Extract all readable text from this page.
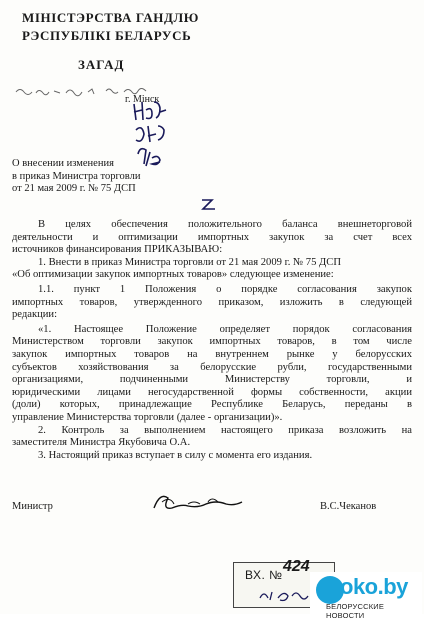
МІНІСТЭРСТВА ГАНДЛЮ
РЭСПУБЛІКІ БЕЛАРУСЬ
ЗАГАД
г. Мінск
О внесении изменения
в приказ Министра торговли
от 21 мая 2009 г. № 75 ДСП
В целях обеспечения положительного баланса внешнеторговой
деятельности и оптимизации импортных закупок за счет всех
источников финансирования ПРИКАЗЫВАЮ:
1. Внести в приказ Министра торговли от 21 мая 2009 г. № 75 ДСП
«Об оптимизации закупок импортных товаров» следующее изменение:
1.1. пункт 1 Положения о порядке согласования закупок
импортных товаров, утвержденного приказом, изложить в следующей
редакции:
«1. Настоящее Положение определяет порядок согласования
Министерством торговли закупок импортных товаров, в том числе
закупок импортных товаров на внутреннем рынке у белорусских
субъектов хозяйствования за белорусские рубли, государственными
организациями, подчиненными Министерству торговли, и
юридическими лицами негосударственной формы собственности, акции
(доли) которых, принадлежащие Республике Беларусь, переданы в
управление Министерства торговли (далее - организации)».
2. Контроль за выполнением настоящего приказа возложить на
заместителя Министра Якубовича О.А.
3. Настоящий приказ вступает в силу с момента его издания.
Министр	В.С.Чеканов
ВХ. № 424
oko.by
БЕЛОРУССКИЕ НОВОСТИ
